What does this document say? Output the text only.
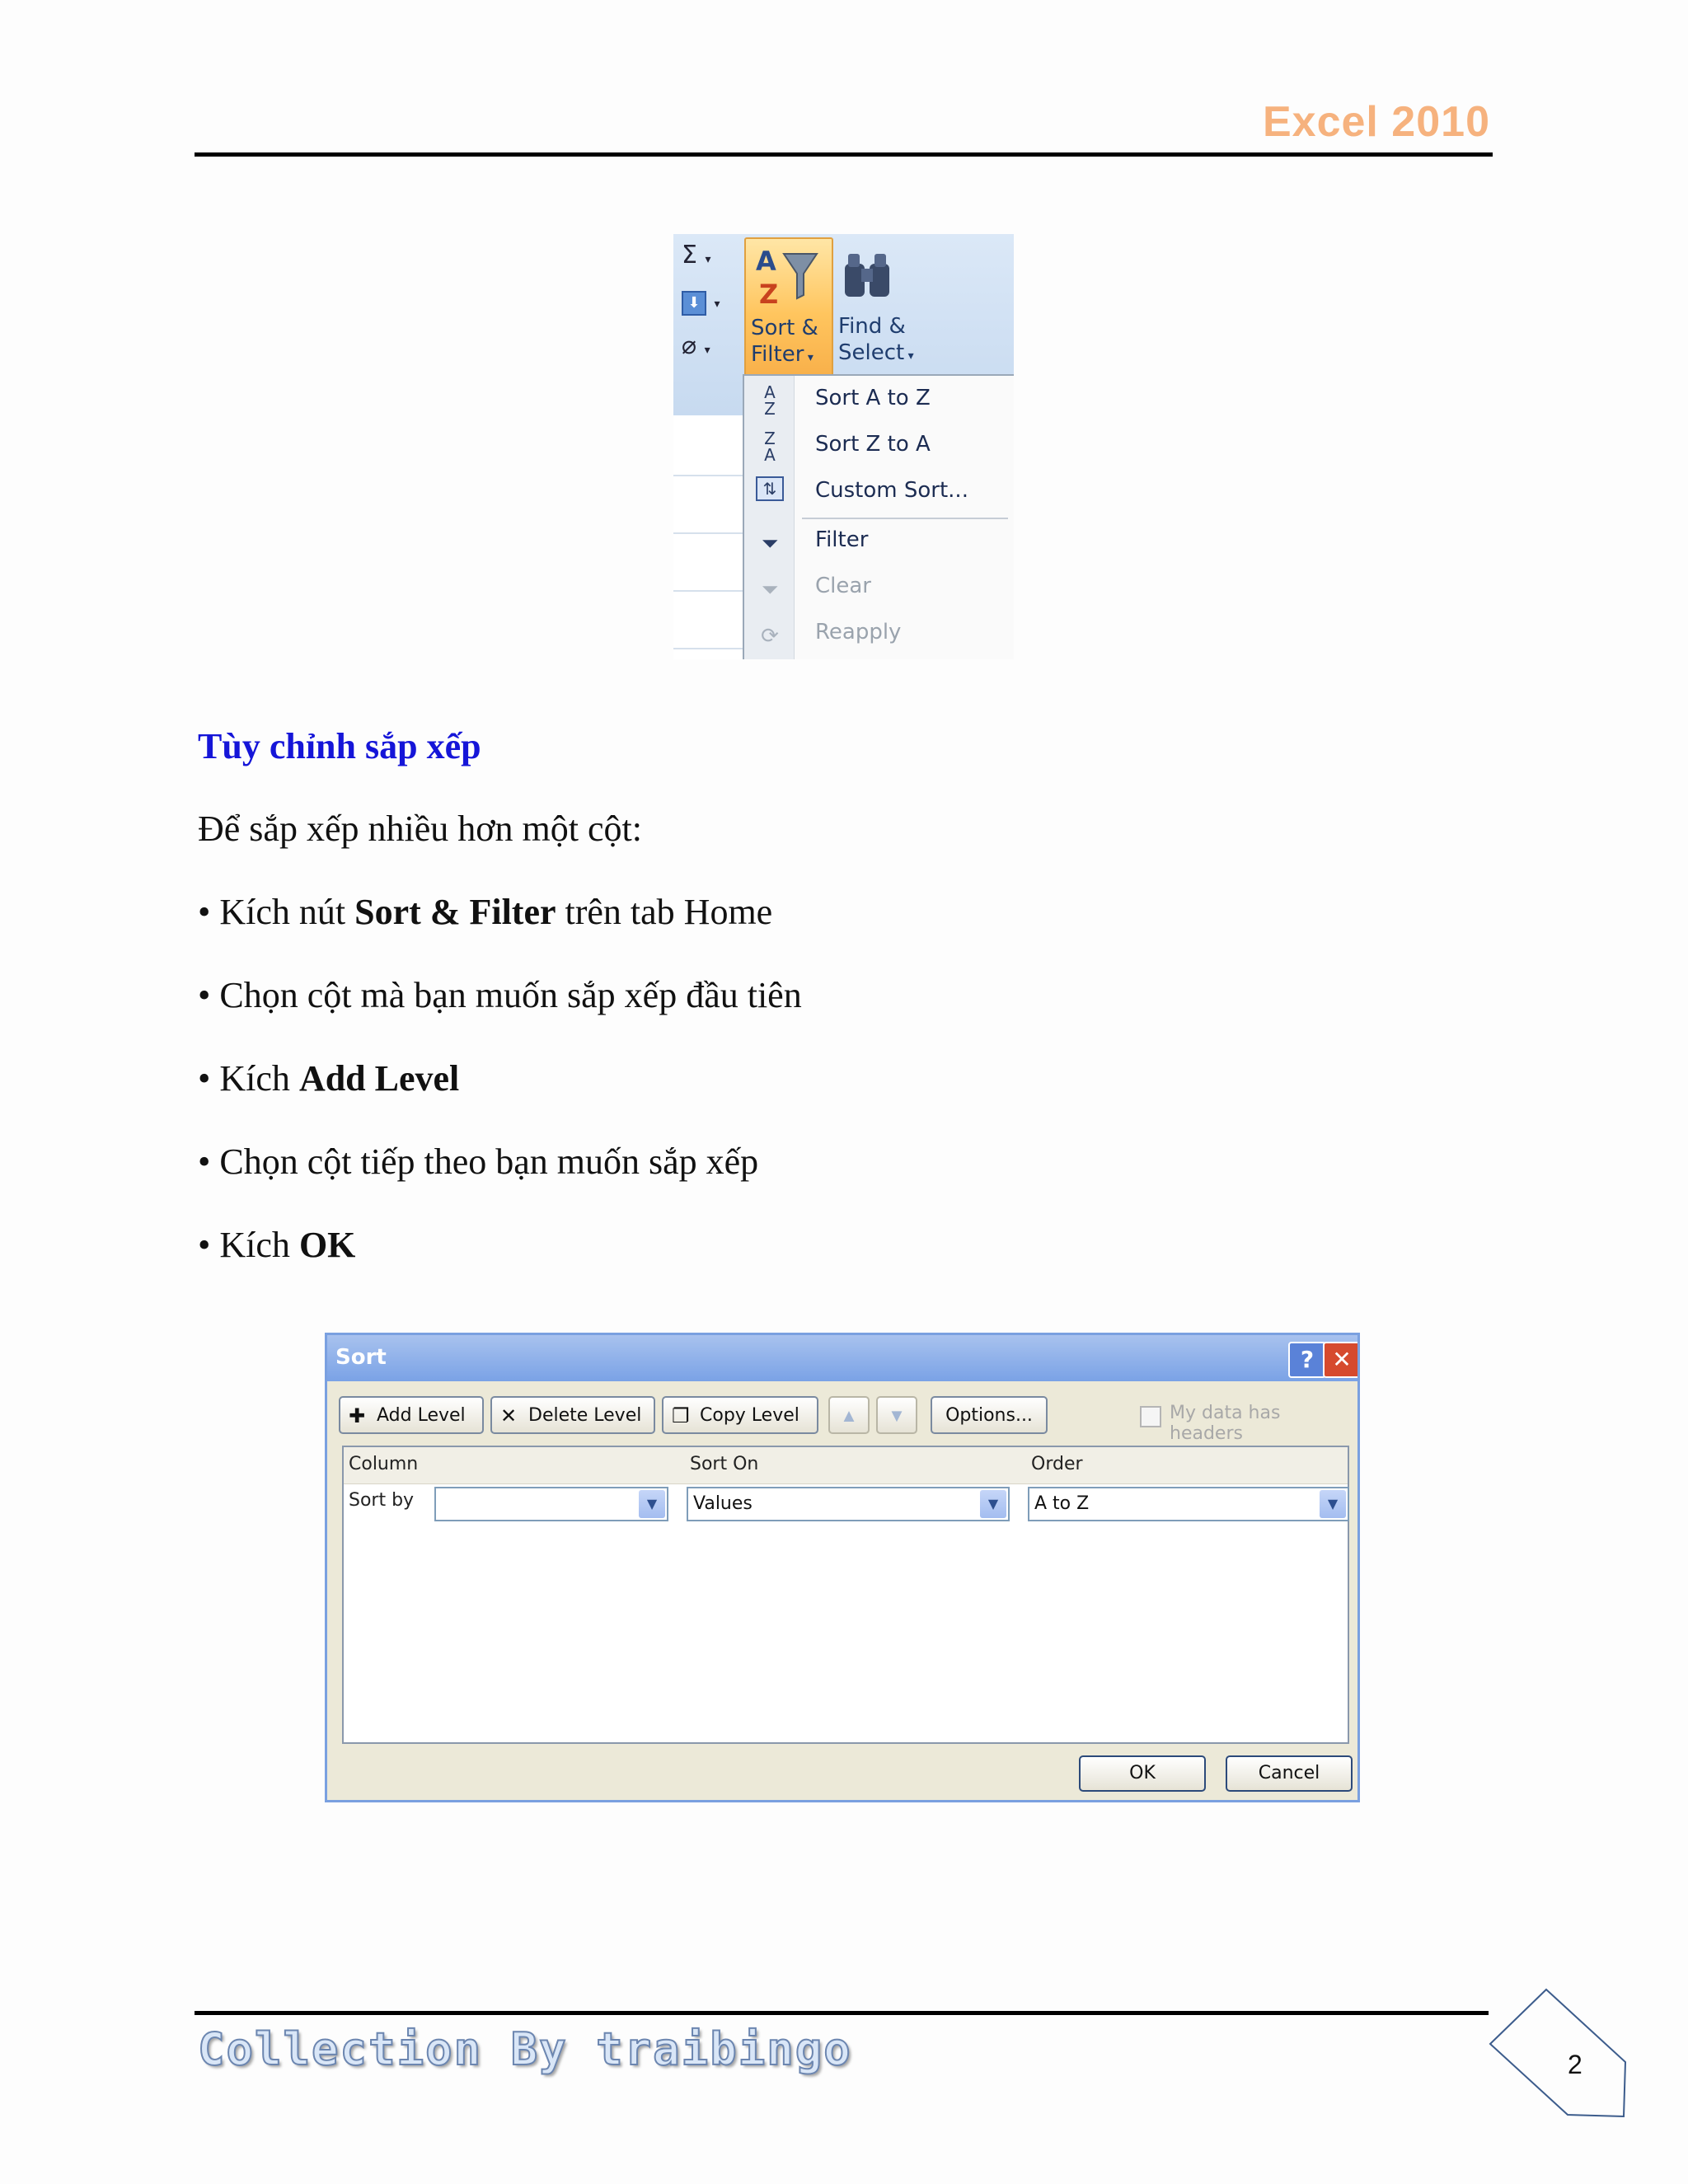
Excel 2010
Σ ▾
⬇ ▾
⌀ ▾
A
Z
Sort &
Filter ▾
Find &
Select ▾
A
Z	Sort A to Z
Z
A	Sort Z to A
⇅	Custom Sort...
⏷ Filter
⏷ Clear
⟳ Reapply
Tùy chỉnh sắp xếp
Để sắp xếp nhiều hơn một cột:
• Kích nút Sort & Filter trên tab Home
• Chọn cột mà bạn muốn sắp xếp đầu tiên
• Kích Add Level
• Chọn cột tiếp theo bạn muốn sắp xếp
• Kích OK
Sort	? ✕
✚ Add Level ✕ Delete Level ❐ Copy Level	▲	▼	Options...	My data has headers
Column	Sort On	Order
Sort by	▼	Values	▼	A to Z	▼
OK	Cancel
Collection By traibingo	2
